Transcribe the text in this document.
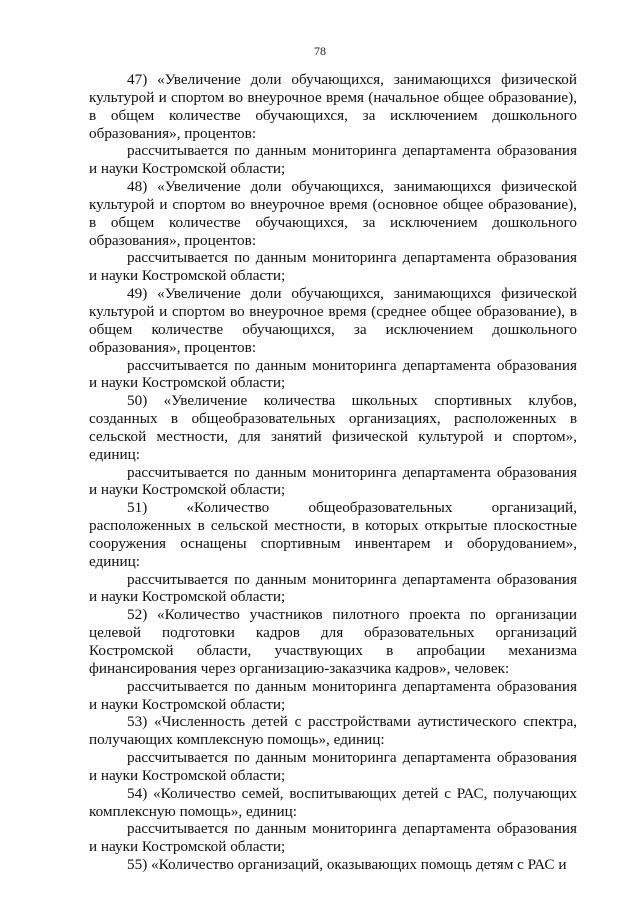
78

47) «Увеличение доли обучающихся, занимающихся физической культурой и спортом во внеурочное время (начальное общее образование), в общем количестве обучающихся, за исключением дошкольного образования», процентов:

рассчитывается по данным мониторинга департамента образования и науки Костромской области;

48) «Увеличение доли обучающихся, занимающихся физической культурой и спортом во внеурочное время (основное общее образование), в общем количестве обучающихся, за исключением дошкольного образования», процентов:

рассчитывается по данным мониторинга департамента образования и науки Костромской области;

49) «Увеличение доли обучающихся, занимающихся физической культурой и спортом во внеурочное время (среднее общее образование), в общем количестве обучающихся, за исключением дошкольного образования», процентов:

рассчитывается по данным мониторинга департамента образования и науки Костромской области;

50) «Увеличение количества школьных спортивных клубов, созданных в общеобразовательных организациях, расположенных в сельской местности, для занятий физической культурой и спортом», единиц:

рассчитывается по данным мониторинга департамента образования и науки Костромской области;

51) «Количество общеобразовательных организаций, расположенных в сельской местности, в которых открытые плоскостные сооружения оснащены спортивным инвентарем и оборудованием», единиц:

рассчитывается по данным мониторинга департамента образования и науки Костромской области;

52) «Количество участников пилотного проекта по организации целевой подготовки кадров для образовательных организаций Костромской области, участвующих в апробации механизма финансирования через организацию-заказчика кадров», человек:

рассчитывается по данным мониторинга департамента образования и науки Костромской области;

53) «Численность детей с расстройствами аутистического спектра, получающих комплексную помощь», единиц:

рассчитывается по данным мониторинга департамента образования и науки Костромской области;

54) «Количество семей, воспитывающих детей с РАС, получающих комплексную помощь», единиц:

рассчитывается по данным мониторинга департамента образования и науки Костромской области;

55) «Количество организаций, оказывающих помощь детям с РАС и
